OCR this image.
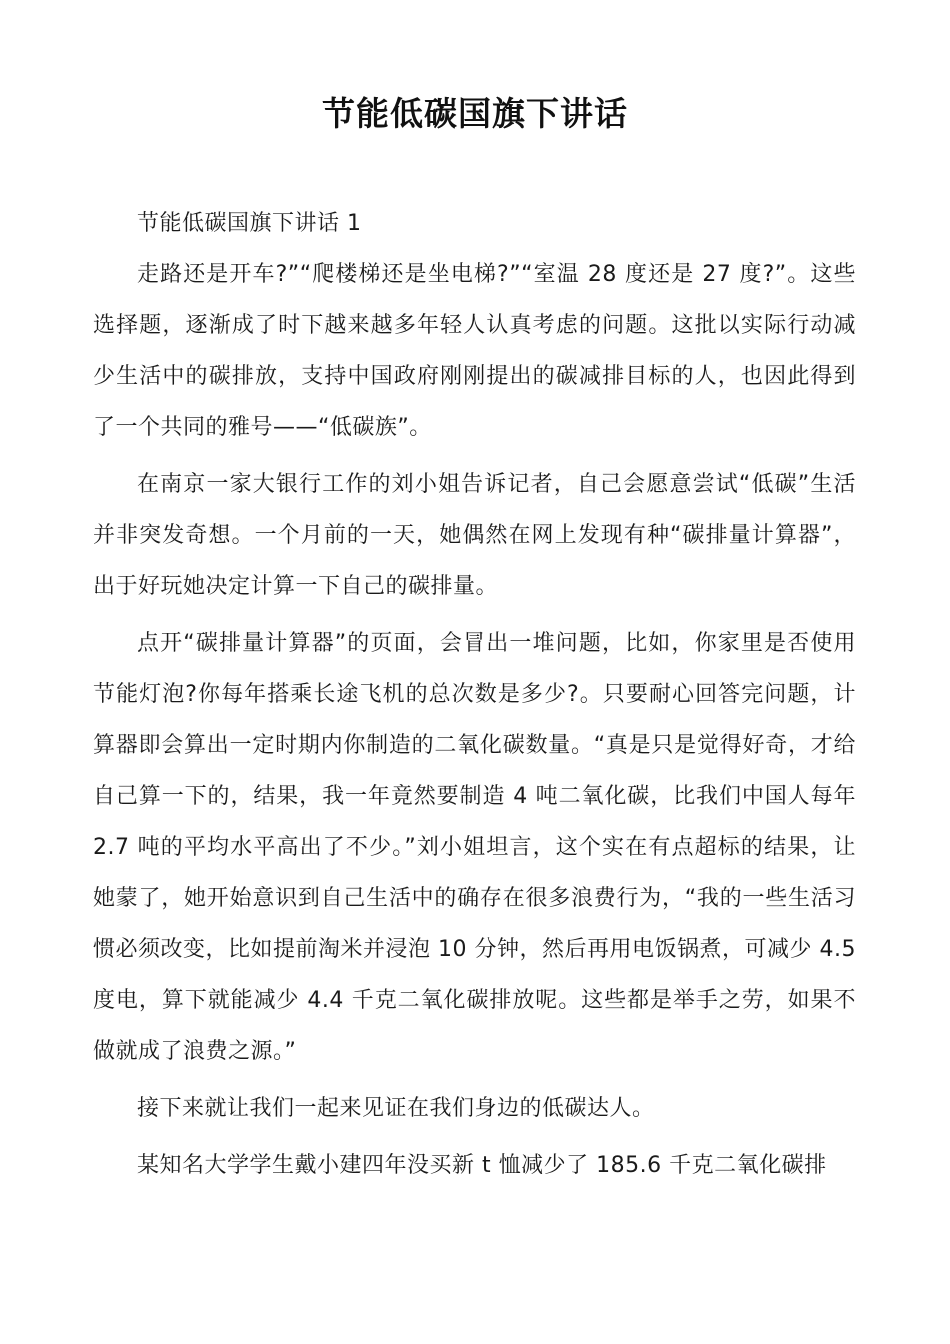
节能低碳国旗下讲话

节能低碳国旗下讲话 1

走路还是开车?”“爬楼梯还是坐电梯?”“室温 28 度还是 27 度?”。这些选择题，逐渐成了时下越来越多年轻人认真考虑的问题。这批以实际行动减少生活中的碳排放，支持中国政府刚刚提出的碳减排目标的人，也因此得到了一个共同的雅号——“低碳族”。

在南京一家大银行工作的刘小姐告诉记者，自己会愿意尝试“低碳”生活并非突发奇想。一个月前的一天，她偶然在网上发现有种“碳排量计算器”，出于好玩她决定计算一下自己的碳排量。

点开“碳排量计算器”的页面，会冒出一堆问题，比如，你家里是否使用节能灯泡?你每年搭乘长途飞机的总次数是多少?。只要耐心回答完问题，计算器即会算出一定时期内你制造的二氧化碳数量。“真是只是觉得好奇，才给自己算一下的，结果，我一年竟然要制造 4 吨二氧化碳，比我们中国人每年 2.7 吨的平均水平高出了不少。”刘小姐坦言，这个实在有点超标的结果，让她蒙了，她开始意识到自己生活中的确存在很多浪费行为，“我的一些生活习惯必须改变，比如提前淘米并浸泡 10 分钟，然后再用电饭锅煮，可减少 4.5 度电，算下就能减少 4.4 千克二氧化碳排放呢。这些都是举手之劳，如果不做就成了浪费之源。”

接下来就让我们一起来见证在我们身边的低碳达人。

某知名大学学生戴小建四年没买新 t 恤减少了 185.6 千克二氧化碳排
